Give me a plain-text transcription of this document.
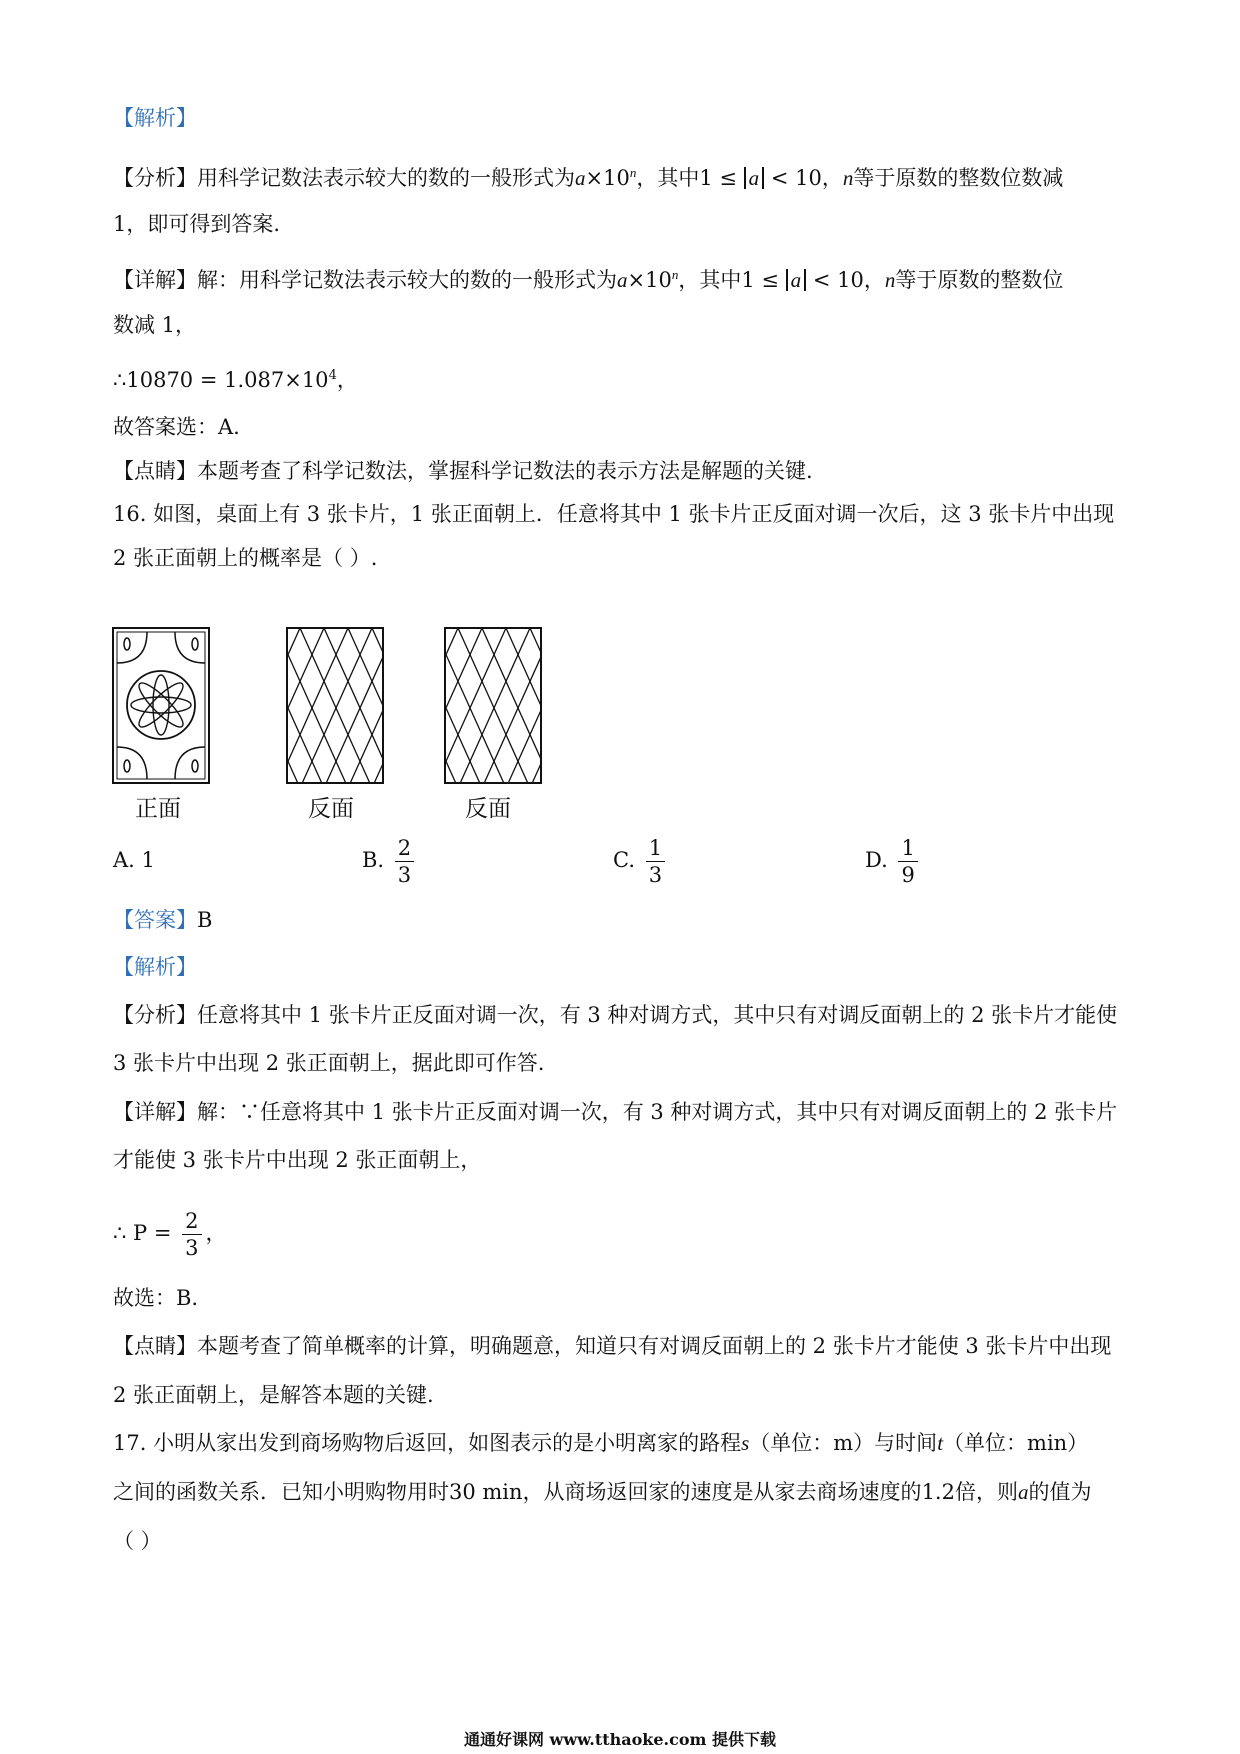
【解析】
【分析】用科学记数法表示较大的数的一般形式为$a\times 10^n$，其中1 ≤ a < 10，n等于原数的整数位数减
1，即可得到答案.
【详解】解：用科学记数法表示较大的数的一般形式为$a\times 10^n$，其中1 ≤ a < 10，n等于原数的整数位
数减 1，
∴10870 = $1.087\times 10^4$，
故答案选：A.
【点睛】本题考查了科学记数法，掌握科学记数法的表示方法是解题的关键.
16. 如图，桌面上有 3 张卡片，1 张正面朝上．任意将其中 1 张卡片正反面对调一次后，这 3 张卡片中出现
2 张正面朝上的概率是（ ）.
正面	反面	反面
A. 1	B. $\frac{2}{3}$	C. $\frac{1}{3}$	D. $\frac{1}{9}$
【答案】B
【解析】
【分析】任意将其中 1 张卡片正反面对调一次，有 3 种对调方式，其中只有对调反面朝上的 2 张卡片才能使
3 张卡片中出现 2 张正面朝上，据此即可作答.
【详解】解：∵任意将其中 1 张卡片正反面对调一次，有 3 种对调方式，其中只有对调反面朝上的 2 张卡片
才能使 3 张卡片中出现 2 张正面朝上，
∴ $P = \frac{2}{3}$ ，
故选：B.
【点睛】本题考查了简单概率的计算，明确题意，知道只有对调反面朝上的 2 张卡片才能使 3 张卡片中出现
2 张正面朝上，是解答本题的关键.
17. 小明从家出发到商场购物后返回，如图表示的是小明离家的路程s（单位：m）与时间t（单位：min）
之间的函数关系．已知小明购物用时30 min，从商场返回家的速度是从家去商场速度的1.2倍，则a的值为
（ ）
通通好课网 www.tthaoke.com 提供下载
